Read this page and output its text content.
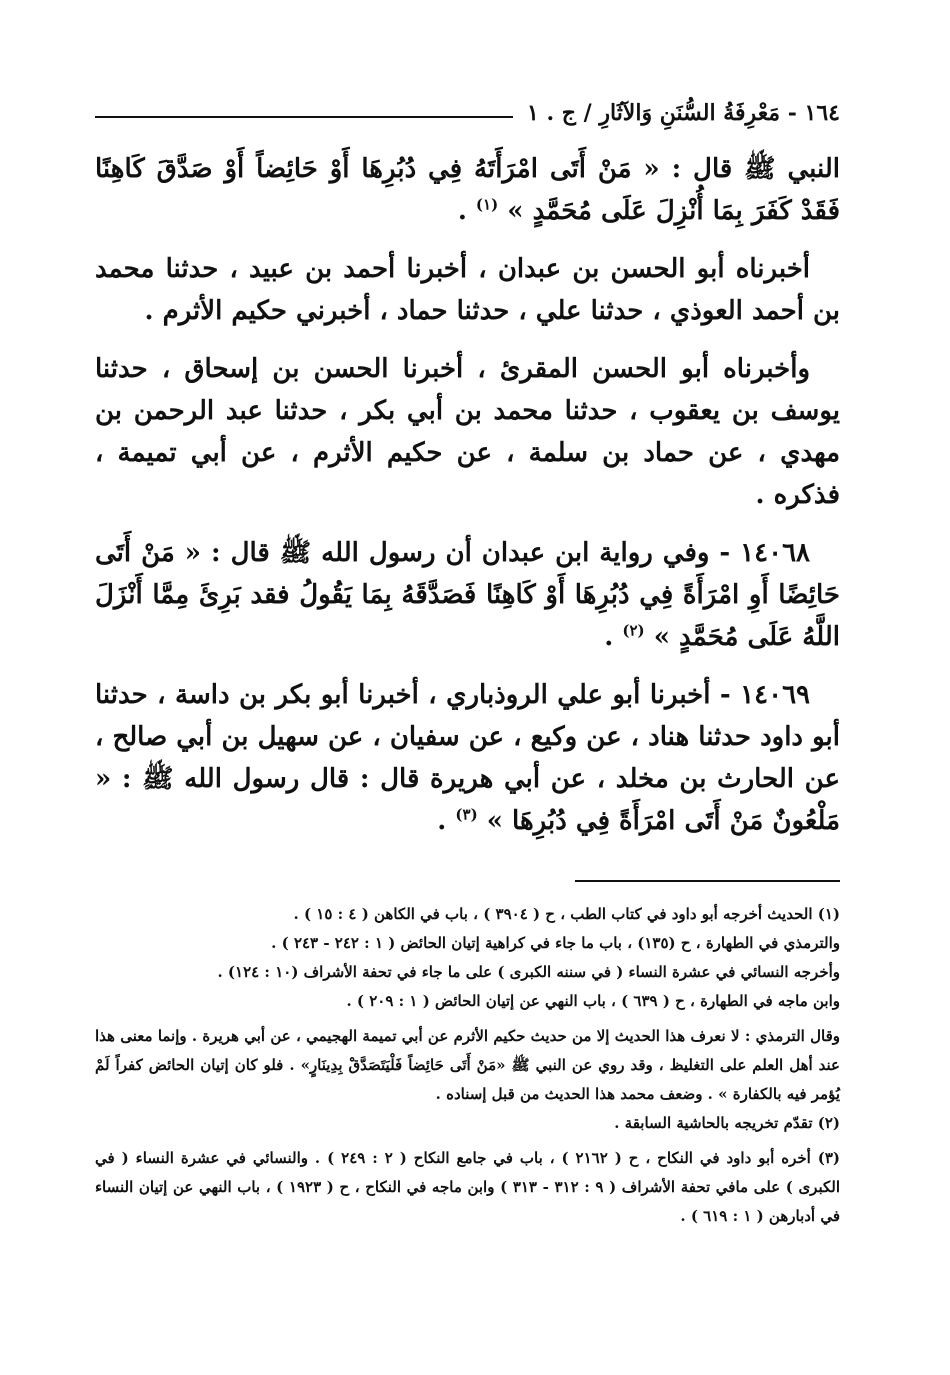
١٦٤ - مَعْرِفَةُ السُّنَنِ وَالآثَارِ / ج . ١

النبي ﷺ قال : « مَنْ أَتَى امْرَأَتَهُ فِي دُبُرِهَا أَوْ حَائِضاً أَوْ صَدَّقَ كَاهِنًا فَقَدْ كَفَرَ بِمَا أُنْزِلَ عَلَى مُحَمَّدٍ » $^{(١)}$ .

أخبرناه أبو الحسن بن عبدان ، أخبرنا أحمد بن عبيد ، حدثنا محمد بن أحمد العوذي ، حدثنا علي ، حدثنا حماد ، أخبرني حكيم الأثرم .

وأخبرناه أبو الحسن المقرئ ، أخبرنا الحسن بن إسحاق ، حدثنا يوسف بن يعقوب ، حدثنا محمد بن أبي بكر ، حدثنا عبد الرحمن بن مهدي ، عن حماد بن سلمة ، عن حكيم الأثرم ، عن أبي تميمة ، فذكره .

١٤٠٦٨ - وفي رواية ابن عبدان أن رسول الله ﷺ قال : « مَنْ أَتَى حَائِضًا أَوِ امْرَأَةً فِي دُبُرِهَا أَوْ كَاهِنًا فَصَدَّقَهُ بِمَا يَقُولُ فقد بَرِئَ مِمَّا أَنْزَلَ اللَّهُ عَلَى مُحَمَّدٍ » $^{(٢)}$ .

١٤٠٦٩ - أخبرنا أبو علي الروذباري ، أخبرنا أبو بكر بن داسة ، حدثنا أبو داود حدثنا هناد ، عن وكيع ، عن سفيان ، عن سهيل بن أبي صالح ، عن الحارث بن مخلد ، عن أبي هريرة قال : قال رسول الله ﷺ : « مَلْعُونٌ مَنْ أَتَى امْرَأَةً فِي دُبُرِهَا » $^{(٣)}$ .

(١) الحديث أخرجه أبو داود في كتاب الطب ، ح ( ٣٩٠٤ ) ، باب في الكاهن ( ٤ : ١٥ ) .

والترمذي في الطهارة ، ح (١٣٥) ، باب ما جاء في كراهية إتيان الحائض ( ١ : ٢٤٢ - ٢٤٣ ) .

وأخرجه النسائي في عشرة النساء ( في سننه الكبرى ) على ما جاء في تحفة الأشراف (١٠ : ١٢٤) .

وابن ماجه في الطهارة ، ح ( ٦٣٩ ) ، باب النهي عن إتيان الحائض ( ١ : ٢٠٩ ) .

وقال الترمذي : لا نعرف هذا الحديث إلا من حديث حكيم الأثرم عن أبي تميمة الهجيمي ، عن أبي هريرة . وإنما معنى هذا عند أهل العلم على التغليظ ، وقد روي عن النبي ﷺ «مَنْ أَتَى حَائِضاً فَلْيَتَصَدَّقْ بِدِينَارٍ» . فلو كان إتيان الحائض كفراً لَمْ يُؤمر فيه بالكفارة » . وضعف محمد هذا الحديث من قبل إسناده .

(٢) تقدّم تخريجه بالحاشية السابقة .

(٣) أخره أبو داود في النكاح ، ح ( ٢١٦٢ ) ، باب في جامع النكاح ( ٢ : ٢٤٩ ) . والنسائي في عشرة النساء ( في الكبرى ) على مافي تحفة الأشراف ( ٩ : ٣١٢ - ٣١٣ ) وابن ماجه في النكاح ، ح ( ١٩٢٣ ) ، باب النهي عن إتيان النساء في أدبارهن ( ١ : ٦١٩ ) .
